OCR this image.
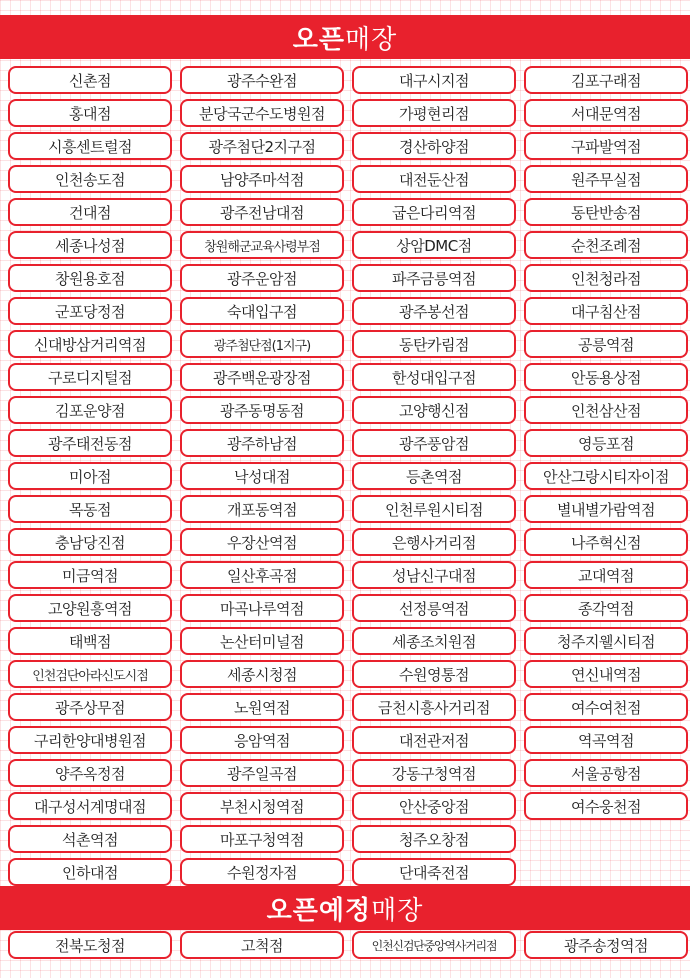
오픈 매장
신촌점	광주수완점	대구시지점	김포구래점
홍대점	분당국군수도병원점	가평현리점	서대문역점
시흥센트럴점	광주첨단2지구점	경산하양점	구파발역점
인천송도점	남양주마석점	대전둔산점	원주무실점
건대점	광주전남대점	굽은다리역점	동탄반송점
세종나성점	창원해군교육사령부점	상암DMC점	순천조례점
창원용호점	광주운암점	파주금릉역점	인천청라점
군포당정점	숙대입구점	광주봉선점	대구침산점
신대방삼거리역점	광주첨단점(1지구)	동탄카림점	공릉역점
구로디지털점	광주백운광장점	한성대입구점	안동용상점
김포운양점	광주동명동점	고양행신점	인천삼산점
광주태전동점	광주하남점	광주풍암점	영등포점
미아점	낙성대점	등촌역점	안산그랑시티자이점
목동점	개포동역점	인천루원시티점	별내별가람역점
충남당진점	우장산역점	은행사거리점	나주혁신점
미금역점	일산후곡점	성남신구대점	교대역점
고양원흥역점	마곡나루역점	선정릉역점	종각역점
태백점	논산터미널점	세종조치원점	청주지웰시티점
인천검단아라신도시점	세종시청점	수원영통점	연신내역점
광주상무점	노원역점	금천시흥사거리점	여수여천점
구리한양대병원점	응암역점	대전관저점	역곡역점
양주옥정점	광주일곡점	강동구청역점	서울공항점
대구성서계명대점	부천시청역점	안산중앙점	여수웅천점
석촌역점	마포구청역점	청주오창점
인하대점	수원정자점	단대죽전점
오픈예정 매장
전북도청점	고척점	인천신검단중앙역사거리점	광주송정역점
